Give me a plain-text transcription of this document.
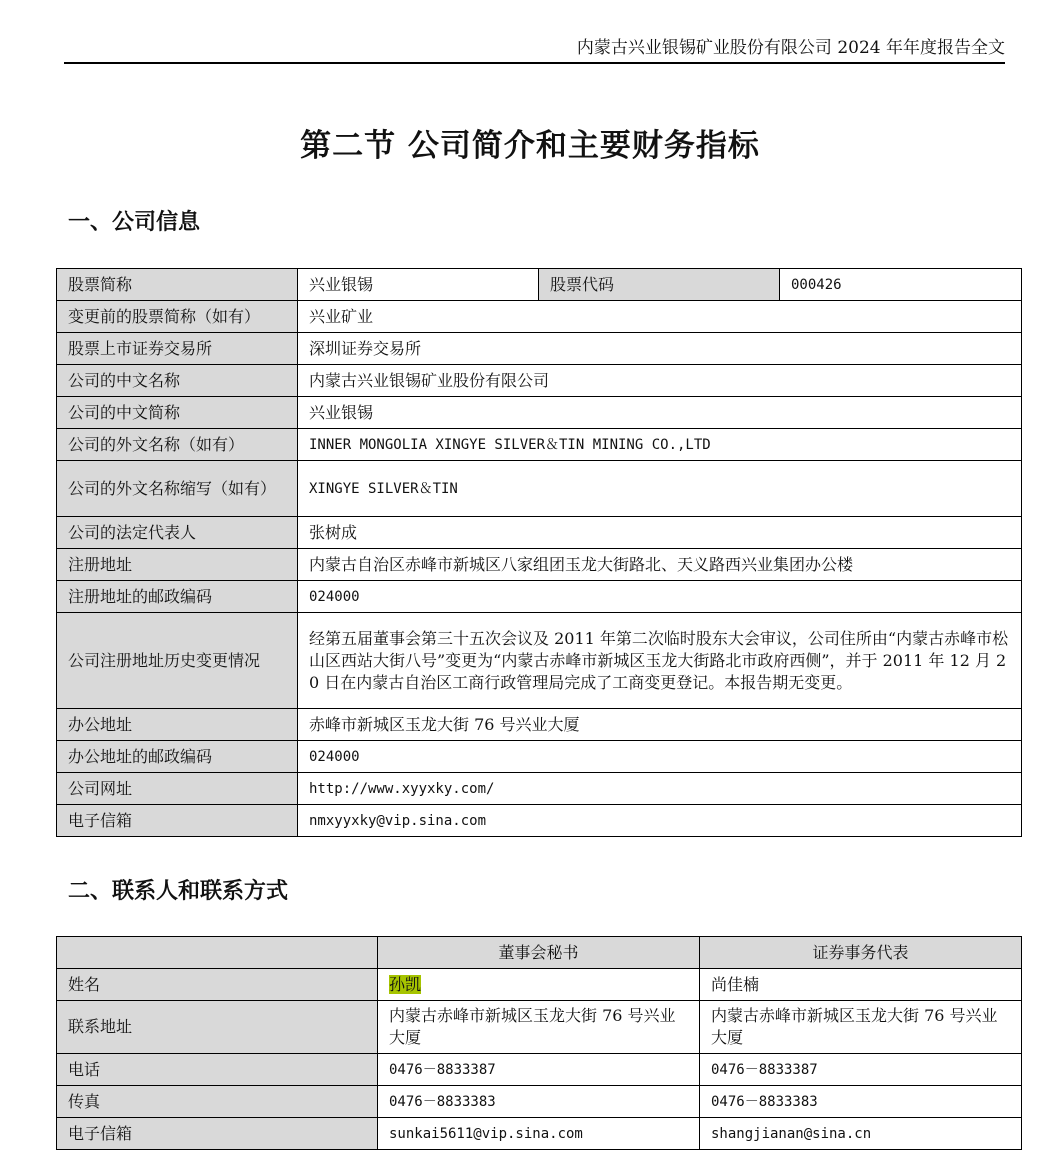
内蒙古兴业银锡矿业股份有限公司 2024 年年度报告全文
第二节 公司简介和主要财务指标
一、公司信息
股票简称	兴业银锡	股票代码	000426
变更前的股票简称（如有）	兴业矿业		
股票上市证券交易所	深圳证券交易所		
公司的中文名称	内蒙古兴业银锡矿业股份有限公司		
公司的中文简称	兴业银锡		
公司的外文名称（如有）	INNER MONGOLIA XINGYE SILVER＆TIN MINING CO.,LTD		
公司的外文名称缩写（如有）	XINGYE SILVER＆TIN		
公司的法定代表人	张树成		
注册地址	内蒙古自治区赤峰市新城区八家组团玉龙大街路北、天义路西兴业集团办公楼		
注册地址的邮政编码	024000		
公司注册地址历史变更情况	经第五届董事会第三十五次会议及 2011 年第二次临时股东大会审议，公司住所由“内蒙古赤峰市松山区西站大街八号”变更为“内蒙古赤峰市新城区玉龙大街路北市政府西侧”，并于 2011 年 12 月 20 日在内蒙古自治区工商行政管理局完成了工商变更登记。本报告期无变更。		
办公地址	赤峰市新城区玉龙大街 76 号兴业大厦		
办公地址的邮政编码	024000		
公司网址	http://www.xyyxky.com/		
电子信箱	nmxyyxky@vip.sina.com		
二、联系人和联系方式
	董事会秘书	证券事务代表
姓名	孙凯	尚佳楠
联系地址	内蒙古赤峰市新城区玉龙大街 76 号兴业大厦	内蒙古赤峰市新城区玉龙大街 76 号兴业大厦
电话	0476－8833387	0476－8833387
传真	0476－8833383	0476－8833383
电子信箱	sunkai5611@vip.sina.com	shangjianan@sina.cn
